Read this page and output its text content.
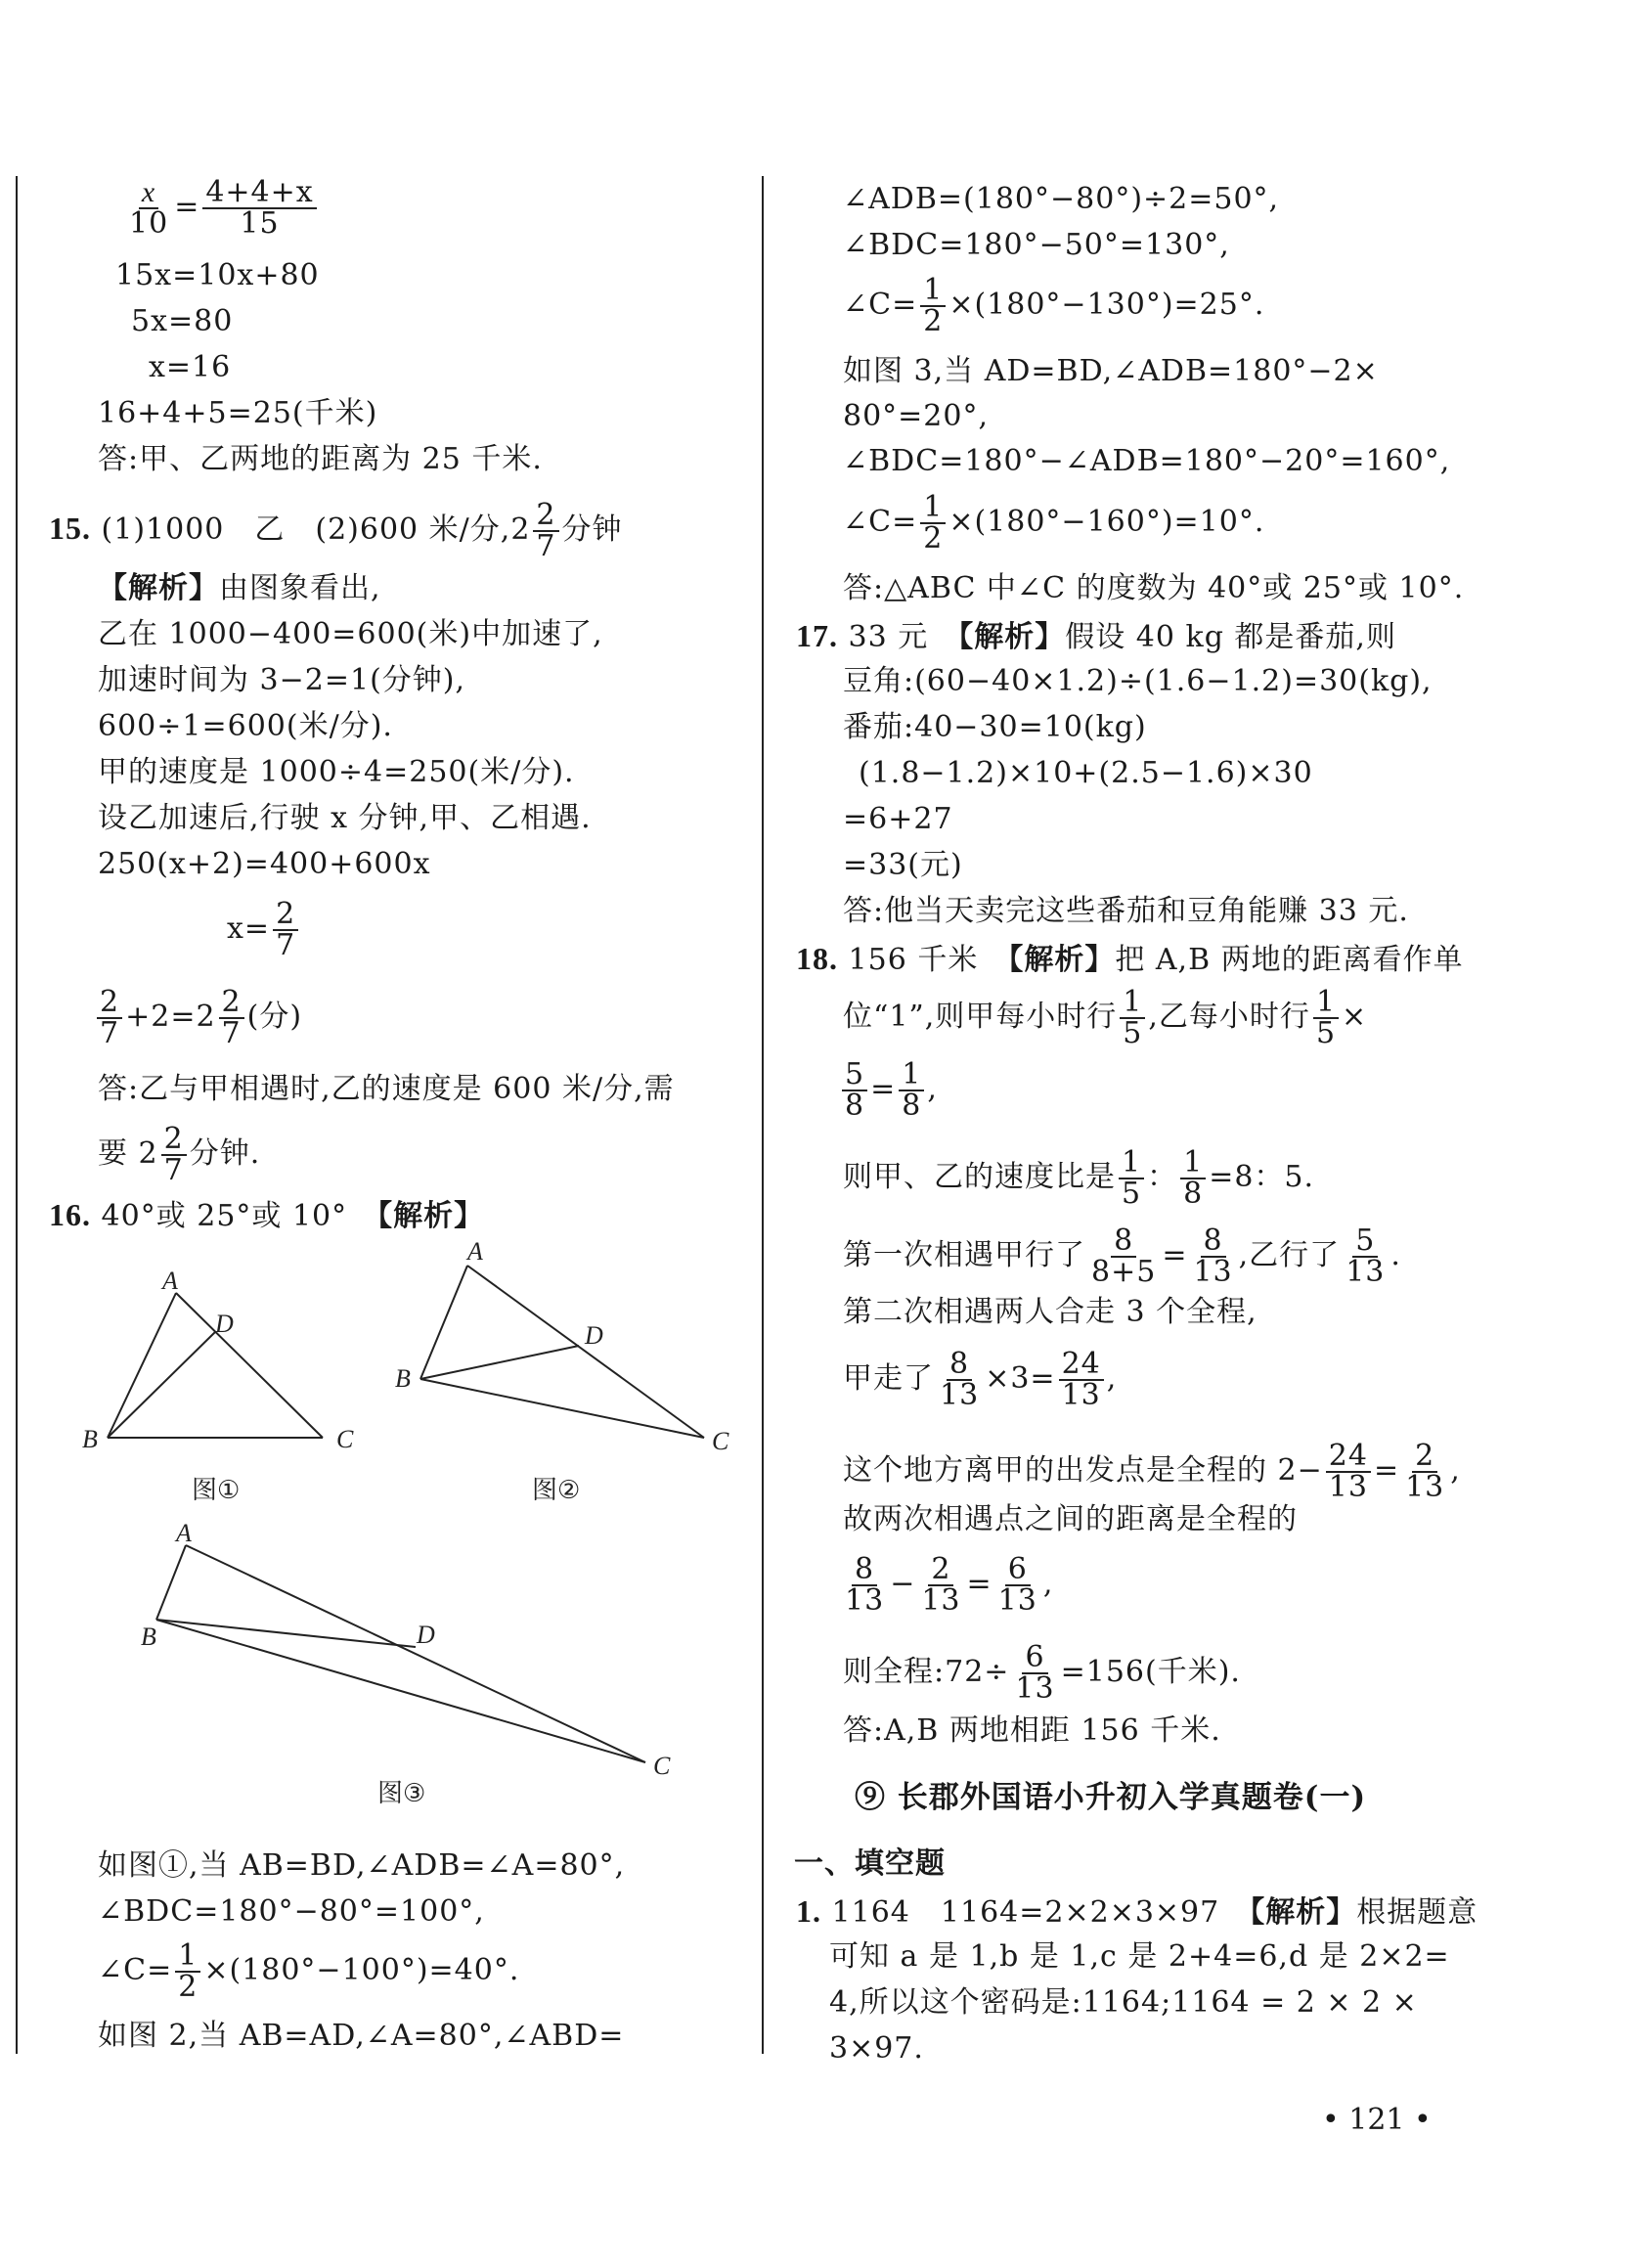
$\frac{x}{10} = \frac{4+4+x}{15}$
15x=10x+80
5x=80
x=16
16+4+5=25(千米)
答:甲、乙两地的距离为 25 千米.
15. (1)1000　乙　(2)600 米/分$,2 \frac{2}{7}$ 分钟
【解析】由图象看出,
乙在 1000−400=600(米)中加速了,
加速时间为 3−2=1(分钟),
600÷1=600(米/分).
甲的速度是 1000÷4=250(米/分).
设乙加速后,行驶 x 分钟,甲、乙相遇.
250(x+2)=400+600x
$x= \frac{2}{7}$
$\frac{2}{7} +2=2 \frac{2}{7}$ (分)
答:乙与甲相遇时,乙的速度是 600 米/分,需
要 $2 \frac{2}{7}$ 分钟.
16. 40°或 25°或 10°　 【解析】
A
D
B	C
图①
A
D
B
C
图②
A
D
B
C
图③
如图①,当 AB=BD,∠ADB=∠A=80°,
∠BDC=180°−80°=100°,
∠C= $\frac{1}{2} \times(180^\circ-100^\circ)=40^\circ$.
如图 2,当 AB=AD,∠A=80°,∠ABD=
∠ADB=(180°−80°)÷2=50°,
∠BDC=180°−50°=130°,
∠C= $\frac{1}{2} \times(180^\circ-130^\circ)=25^\circ$.
如图 3,当 AD=BD,∠ADB=180°−2×
80°=20°,
∠BDC=180°−∠ADB=180°−20°=160°,
∠C= $\frac{1}{2} \times(180^\circ-160^\circ)=10^\circ$.
答:△ABC 中∠C 的度数为 40°或 25°或 10°.
17. 33 元　【解析】假设 40 kg 都是番茄,则
豆角:(60−40×1.2)÷(1.6−1.2)=30(kg),
番茄:40−30=10(kg)
(1.8−1.2)×10+(2.5−1.6)×30
=6+27
=33(元)
答:他当天卖完这些番茄和豆角能赚 33 元.
18. 156 千米　【解析】把 A,B 两地的距离看作单
位“1”,则甲每小时行 $\frac{1}{5}$ ,乙每小时行 $\frac{1}{5}$ ×
$\frac{5}{8} = \frac{1}{8}$ ,
则甲、乙的速度比是 $\frac{1}{5}$ ： $\frac{1}{8} =8$：5.
第一次相遇甲行了 $\frac{8}{8+5} = \frac{8}{13}$ ,乙行了 $\frac{5}{13}$ .
第二次相遇两人合走 3 个全程,
甲走了 $\frac{8}{13} \times 3= \frac{24}{13}$ ,
这个地方离甲的出发点是全程的 $2- \frac{24}{13} = \frac{2}{13}$ ,
故两次相遇点之间的距离是全程的
$\frac{8}{13} - \frac{2}{13} = \frac{6}{13}$ ,
则全程:72÷ $\frac{6}{13} =156$(千米).
答:A,B 两地相距 156 千米.
⑨ 长郡外国语小升初入学真题卷(一)
一、填空题
1. 1164　1164=2×2×3×97　【解析】根据题意
可知 a 是 1,b 是 1,c 是 2+4=6,d 是 2×2=
4,所以这个密码是:1164;1164 = 2 × 2 ×
3×97.
• 121 •
